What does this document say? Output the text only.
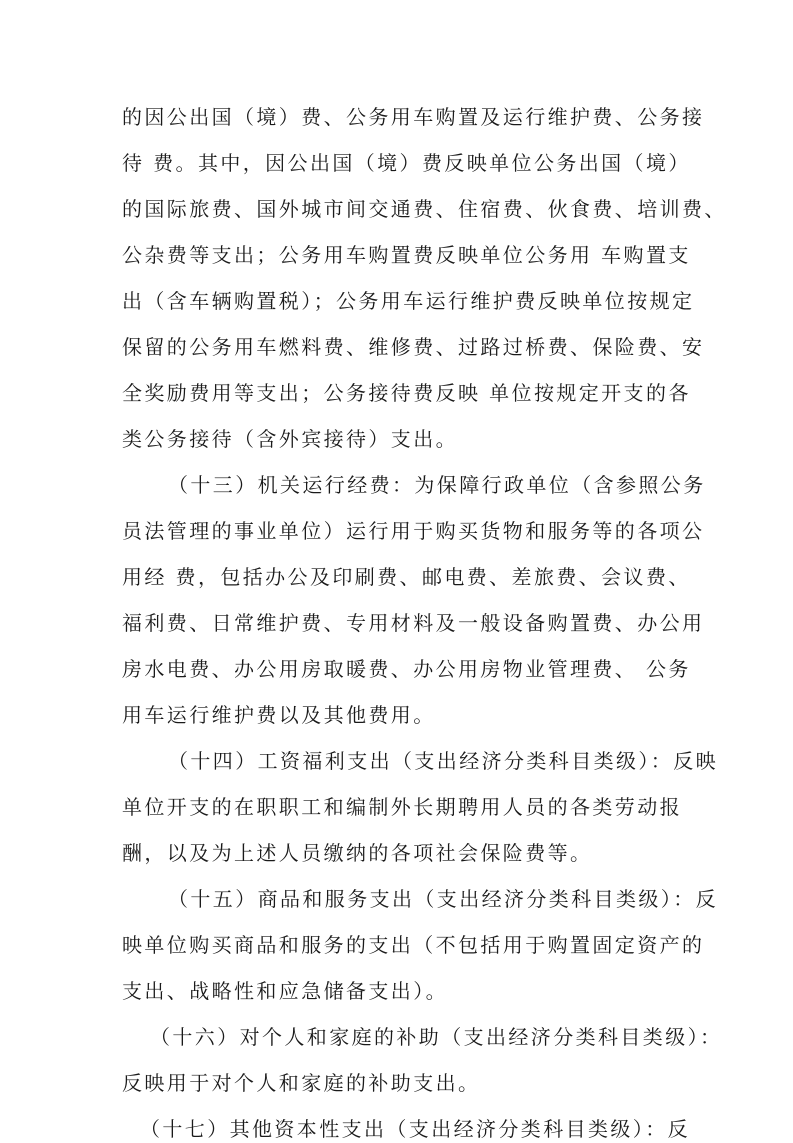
的因公出国（境）费、公务用车购置及运行维护费、公务接
待 费。其中，因公出国（境）费反映单位公务出国（境）
的国际旅费、国外城市间交通费、住宿费、伙食费、培训费、
公杂费等支出；公务用车购置费反映单位公务用 车购置支
出（含车辆购置税）；公务用车运行维护费反映单位按规定
保留的公务用车燃料费、维修费、过路过桥费、保险费、安
全奖励费用等支出；公务接待费反映 单位按规定开支的各
类公务接待（含外宾接待）支出。
（十三）机关运行经费：为保障行政单位（含参照公务
员法管理的事业单位）运行用于购买货物和服务等的各项公
用经 费，包括办公及印刷费、邮电费、差旅费、会议费、
福利费、日常维护费、专用材料及一般设备购置费、办公用
房水电费、办公用房取暖费、办公用房物业管理费、 公务
用车运行维护费以及其他费用。
（十四）工资福利支出（支出经济分类科目类级）：反映
单位开支的在职职工和编制外长期聘用人员的各类劳动报
酬，以及为上述人员缴纳的各项社会保险费等。
（十五）商品和服务支出（支出经济分类科目类级）：反
映单位购买商品和服务的支出（不包括用于购置固定资产的
支出、战略性和应急储备支出）。
（十六）对个人和家庭的补助（支出经济分类科目类级）：
反映用于对个人和家庭的补助支出。
（十七）其他资本性支出（支出经济分类科目类级）：反
